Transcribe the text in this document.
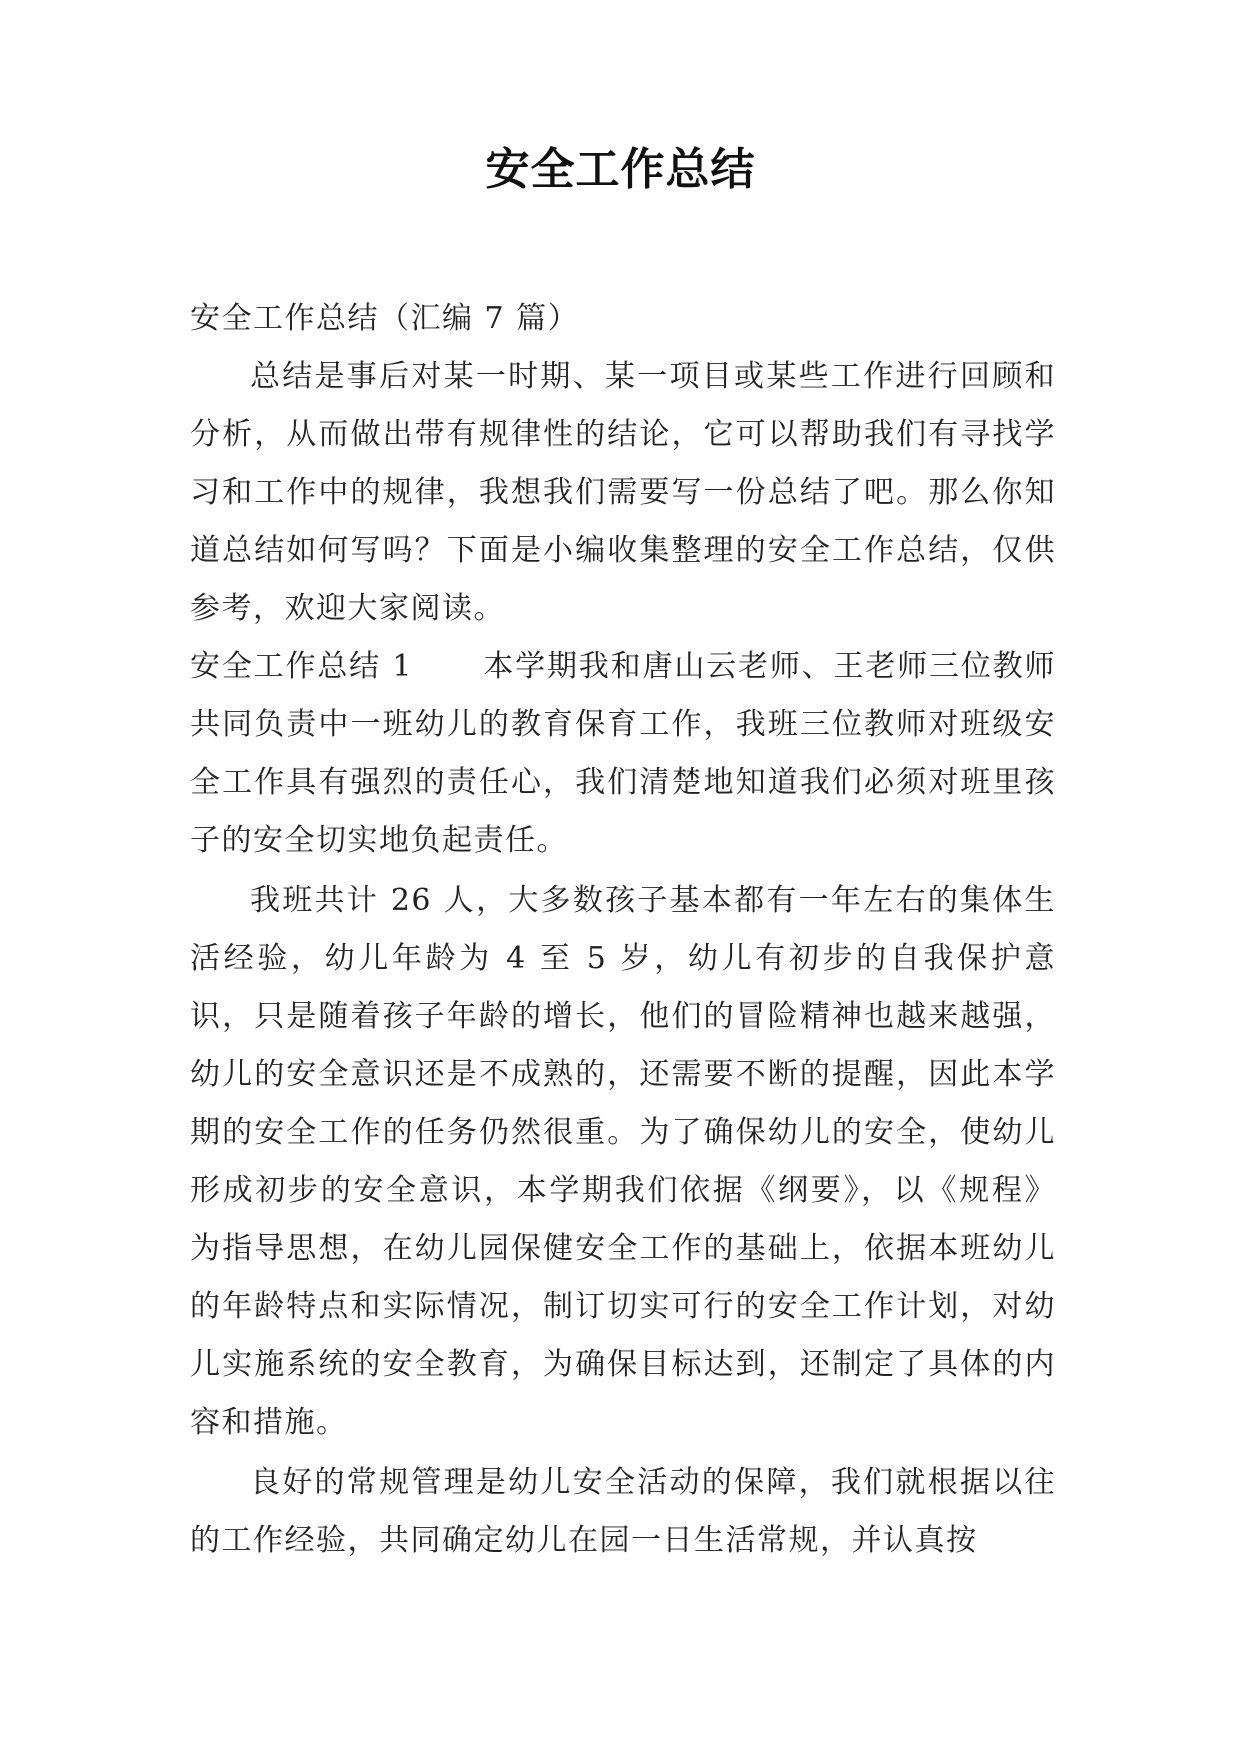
安全工作总结

安全工作总结（汇编 7 篇）

总结是事后对某一时期、某一项目或某些工作进行回顾和分析，从而做出带有规律性的结论，它可以帮助我们有寻找学习和工作中的规律，我想我们需要写一份总结了吧。那么你知道总结如何写吗？下面是小编收集整理的安全工作总结，仅供参考，欢迎大家阅读。

安全工作总结 1 本学期我和唐山云老师、王老师三位教师共同负责中一班幼儿的教育保育工作，我班三位教师对班级安全工作具有强烈的责任心，我们清楚地知道我们必须对班里孩子的安全切实地负起责任。

我班共计 26 人，大多数孩子基本都有一年左右的集体生活经验，幼儿年龄为 4 至 5 岁，幼儿有初步的自我保护意识，只是随着孩子年龄的增长，他们的冒险精神也越来越强，幼儿的安全意识还是不成熟的，还需要不断的提醒，因此本学期的安全工作的任务仍然很重。为了确保幼儿的安全，使幼儿形成初步的安全意识，本学期我们依据《纲要》，以《规程》为指导思想，在幼儿园保健安全工作的基础上，依据本班幼儿的年龄特点和实际情况，制订切实可行的安全工作计划，对幼儿实施系统的安全教育，为确保目标达到，还制定了具体的内容和措施。

良好的常规管理是幼儿安全活动的保障，我们就根据以往的工作经验，共同确定幼儿在园一日生活常规，并认真按
